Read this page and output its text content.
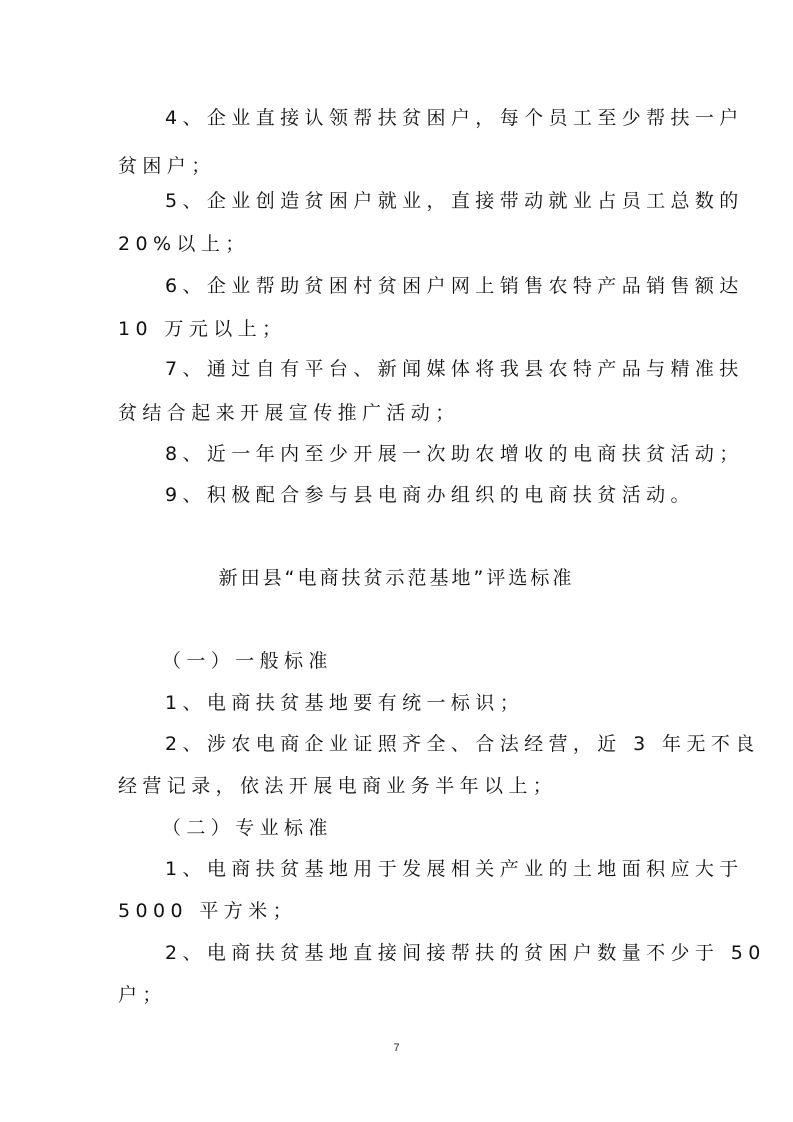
4、企业直接认领帮扶贫困户，每个员工至少帮扶一户
贫困户；
5、企业创造贫困户就业，直接带动就业占员工总数的
20%以上；
6、企业帮助贫困村贫困户网上销售农特产品销售额达
10 万元以上；
7、通过自有平台、新闻媒体将我县农特产品与精准扶
贫结合起来开展宣传推广活动；
8、近一年内至少开展一次助农增收的电商扶贫活动；
9、积极配合参与县电商办组织的电商扶贫活动。
新田县“电商扶贫示范基地”评选标准
（一）一般标准
1、电商扶贫基地要有统一标识；
2、涉农电商企业证照齐全、合法经营，近 3 年无不良
经营记录，依法开展电商业务半年以上；
（二）专业标准
1、电商扶贫基地用于发展相关产业的土地面积应大于
5000 平方米；
2、电商扶贫基地直接间接帮扶的贫困户数量不少于 50
户；
7
